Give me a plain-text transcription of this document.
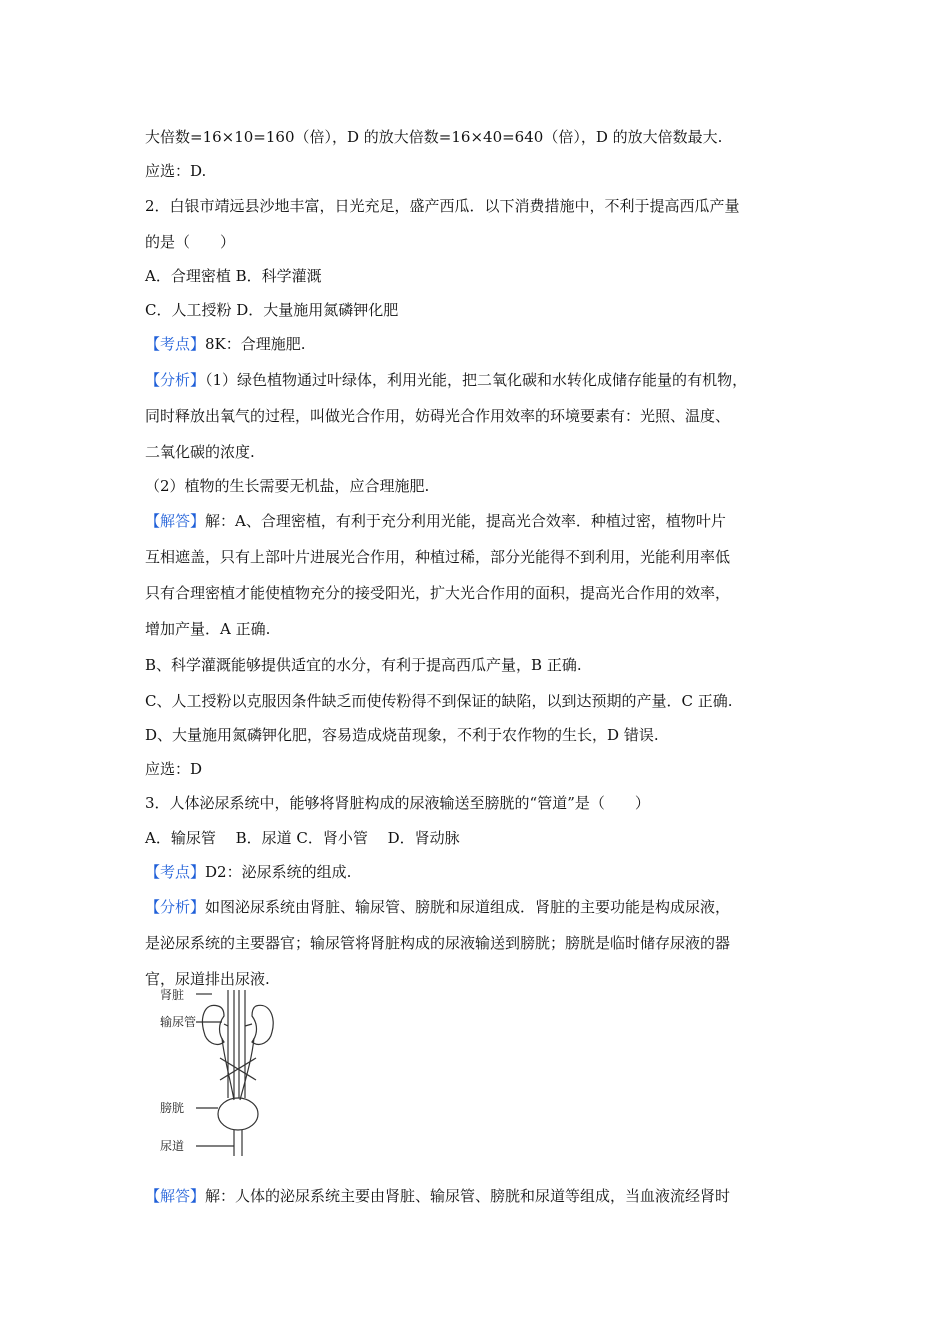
大倍数=16×10=160（倍），D 的放大倍数=16×40=640（倍），D 的放大倍数最大.
应选：D.
2．白银市靖远县沙地丰富，日光充足，盛产西瓜．以下消费措施中，不利于提高西瓜产量
的是（　　）
A．合理密植 B．科学灌溉
C．人工授粉 D．大量施用氮磷钾化肥
【考点】8K：合理施肥.
【分析】（1）绿色植物通过叶绿体，利用光能，把二氧化碳和水转化成储存能量的有机物，
同时释放出氧气的过程，叫做光合作用，妨碍光合作用效率的环境要素有：光照、温度、
二氧化碳的浓度.
（2）植物的生长需要无机盐，应合理施肥.
【解答】解：A、合理密植，有利于充分利用光能，提高光合效率．种植过密，植物叶片
互相遮盖，只有上部叶片进展光合作用，种植过稀，部分光能得不到利用，光能利用率低
只有合理密植才能使植物充分的接受阳光，扩大光合作用的面积，提高光合作用的效率，
增加产量．A 正确.
B、科学灌溉能够提供适宜的水分，有利于提高西瓜产量，B 正确.
C、人工授粉以克服因条件缺乏而使传粉得不到保证的缺陷，以到达预期的产量．C 正确.
D、大量施用氮磷钾化肥，容易造成烧苗现象，不利于农作物的生长，D 错误.
应选：D
3．人体泌尿系统中，能够将肾脏构成的尿液输送至膀胱的“管道”是（　　）
A．输尿管　 B．尿道 C．肾小管　 D．肾动脉
【考点】D2：泌尿系统的组成.
【分析】如图泌尿系统由肾脏、输尿管、膀胱和尿道组成．肾脏的主要功能是构成尿液，
是泌尿系统的主要器官；输尿管将肾脏构成的尿液输送到膀胱；膀胱是临时储存尿液的器
官，尿道排出尿液.
肾脏
输尿管
膀胱
尿道
【解答】解：人体的泌尿系统主要由肾脏、输尿管、膀胱和尿道等组成，当血液流经肾时
